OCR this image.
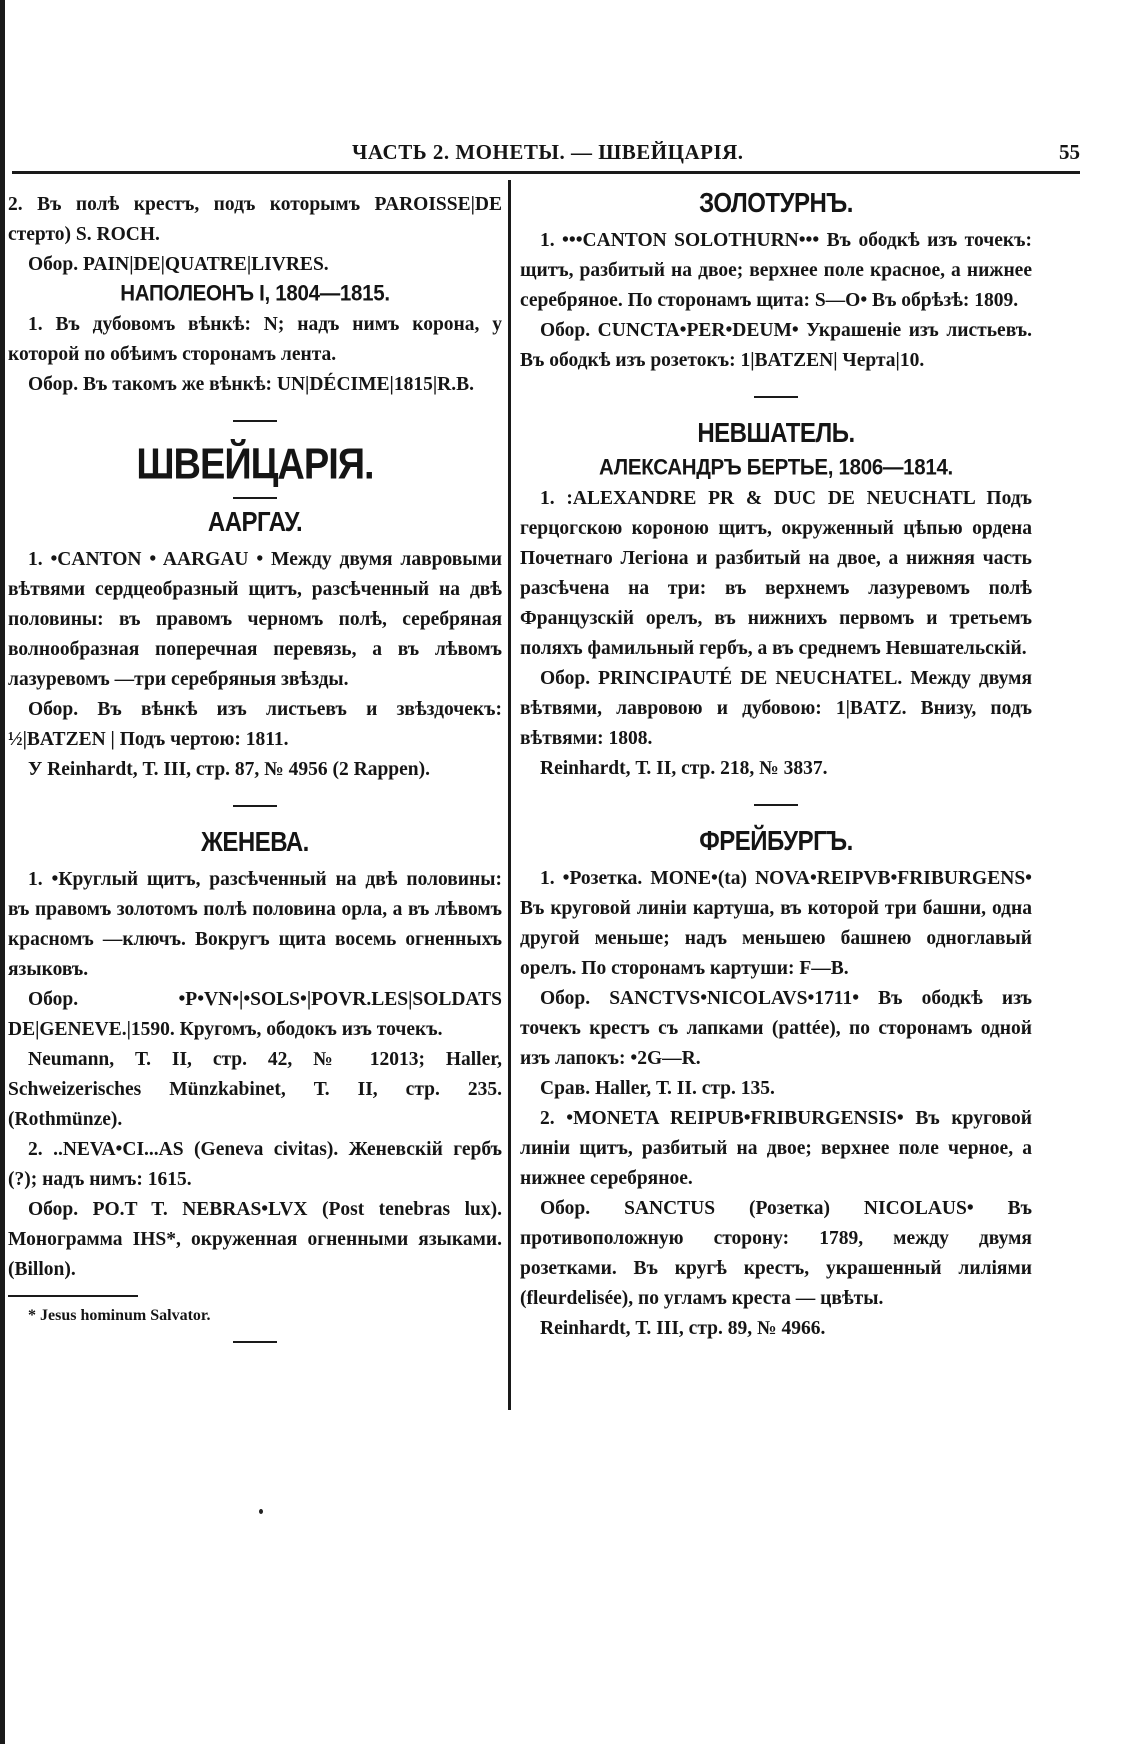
ЧАСТЬ 2. МОНЕТЫ. — ШВЕЙЦАРІЯ.	55

2. Въ полѣ крестъ, подъ которымъ PAROISSE|DE стерто) S. ROCH.

Обор. PAIN|DE|QUATRE|LIVRES.

НАПОЛЕОНЪ I, 1804—1815.

1. Въ дубовомъ вѣнкѣ: N; надъ нимъ корона, у которой по обѣимъ сторонамъ лента.

Обор. Въ такомъ же вѣнкѣ: UN|DÉCIME|1815|R.B.

ШВЕЙЦАРІЯ.
ААРГАУ.

1. •CANTON • AARGAU • Между двумя лавровыми вѣтвями сердцеобразный щитъ, разсѣченный на двѣ половины: въ правомъ черномъ полѣ, серебряная волнообразная поперечная перевязь, а въ лѣвомъ лазуревомъ —три серебряныя звѣзды.

Обор. Въ вѣнкѣ изъ листьевъ и звѣздочекъ: ½|BATZEN | Подъ чертою: 1811.

У Reinhardt, Т. III, стр. 87, № 4956 (2 Rappen).

ЖЕНЕВА.

1. •Круглый щитъ, разсѣченный на двѣ половины: въ правомъ золотомъ полѣ половина орла, а въ лѣвомъ красномъ —ключъ. Вокругъ щита восемь огненныхъ языковъ.

Обор. •P•VN•|•SOLS•|POVR.LES|SOLDATS DE|GENEVE.|1590. Кругомъ, ободокъ изъ точекъ.

Neumann, Т. II, стр. 42, № 12013; Haller, Schweizerisches Münzkabinet, Т. II, стр. 235. (Rothmünze).

2. ..NEVA•CI...AS (Geneva civitas). Женевскій гербъ (?); надъ нимъ: 1615.

Обор. PO.T T. NEBRAS•LVX (Post tenebras lux). Монограмма IHS*, окруженная огненными языками. (Billon).

* Jesus hominum Salvator.

ЗОЛОТУРНЪ.

1. •••CANTON SOLOTHURN••• Въ ободкѣ изъ точекъ: щитъ, разбитый на двое; верхнее поле красное, а нижнее серебряное. По сторонамъ щита: S—O• Въ обрѣзѣ: 1809.

Обор. CUNCTA•PER•DEUM• Украшеніе изъ листьевъ. Въ ободкѣ изъ розетокъ: 1|BATZEN| Черта|10.

НЕВШАТЕЛЬ.
АЛЕКСАНДРЪ БЕРТЬЕ, 1806—1814.

1. :ALEXANDRE PR & DUC DE NEUCHATL Подъ герцогскою короною щитъ, окруженный цѣпью ордена Почетнаго Легіона и разбитый на двое, а нижняя часть разсѣчена на три: въ верхнемъ лазуревомъ полѣ Французскій орелъ, въ нижнихъ первомъ и третьемъ поляхъ фамильный гербъ, а въ среднемъ Невшательскій.

Обор. PRINCIPAUTÉ DE NEUCHATEL. Между двумя вѣтвями, лавровою и дубовою: 1|BATZ. Внизу, подъ вѣтвями: 1808.

Reinhardt, Т. II, стр. 218, № 3837.

ФРЕЙБУРГЪ.

1. •Розетка. MONE•(ta) NOVA•REIPVB•FRIBURGENS• Въ круговой линіи картуша, въ которой три башни, одна другой меньше; надъ меньшею башнею одноглавый орелъ. По сторонамъ картуши: F—B.

Обор. SANCTVS•NICOLAVS•1711• Въ ободкѣ изъ точекъ крестъ съ лапками (pattée), по сторонамъ одной изъ лапокъ: •2G—R.

Срав. Haller, Т. II. стр. 135.

2. •MONETA REIPUB•FRIBURGENSIS• Въ круговой линіи щитъ, разбитый на двое; верхнее поле черное, а нижнее серебряное.

Обор. SANCTUS (Розетка) NICOLAUS• Въ противоположную сторону: 1789, между двумя розетками. Въ кругѣ крестъ, украшенный лиліями (fleurdelisée), по угламъ креста — цвѣты.

Reinhardt, Т. III, стр. 89, № 4966.
